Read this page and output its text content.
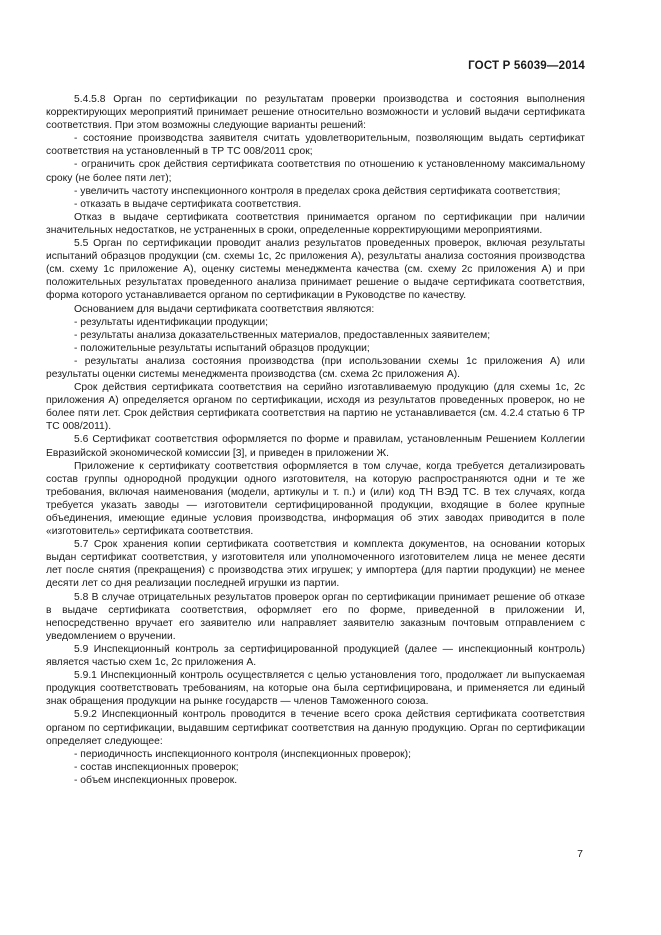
ГОСТ Р 56039—2014

5.4.5.8 Орган по сертификации по результатам проверки производства и состояния выполнения корректирующих мероприятий принимает решение относительно возможности и условий выдачи сертификата соответствия. При этом возможны следующие варианты решений:

- состояние производства заявителя считать удовлетворительным, позволяющим выдать сертификат соответствия на установленный в ТР ТС 008/2011 срок;

- ограничить срок действия сертификата соответствия по отношению к установленному максимальному сроку (не более пяти лет);

- увеличить частоту инспекционного контроля в пределах срока действия сертификата соответствия;

- отказать в выдаче сертификата соответствия.

Отказ в выдаче сертификата соответствия принимается органом по сертификации при наличии значительных недостатков, не устраненных в сроки, определенные корректирующими мероприятиями.

5.5 Орган по сертификации проводит анализ результатов проведенных проверок, включая результаты испытаний образцов продукции (см. схемы 1с, 2с приложения А), результаты анализа состояния производства (см. схему 1с приложение А), оценку системы менеджмента качества (см. схему 2с приложения А) и при положительных результатах проведенного анализа принимает решение о выдаче сертификата соответствия, форма которого устанавливается органом по сертификации в Руководстве по качеству.

Основанием для выдачи сертификата соответствия являются:

- результаты идентификации продукции;

- результаты анализа доказательственных материалов, предоставленных заявителем;

- положительные результаты испытаний образцов продукции;

- результаты анализа состояния производства (при использовании схемы 1с приложения А) или результаты оценки системы менеджмента производства (см. схема 2с приложения А).

Срок действия сертификата соответствия на серийно изготавливаемую продукцию (для схемы 1с, 2с приложения А) определяется органом по сертификации, исходя из результатов проведенных проверок, но не более пяти лет. Срок действия сертификата соответствия на партию не устанавливается (см. 4.2.4 статью 6 ТР ТС 008/2011).

5.6 Сертификат соответствия оформляется по форме и правилам, установленным Решением Коллегии Евразийской экономической комиссии [3], и приведен в приложении Ж.

Приложение к сертификату соответствия оформляется в том случае, когда требуется детализировать состав группы однородной продукции одного изготовителя, на которую распространяются одни и те же требования, включая наименования (модели, артикулы и т. п.) и (или) код ТН ВЭД ТС. В тех случаях, когда требуется указать заводы — изготовители сертифицированной продукции, входящие в более крупные объединения, имеющие единые условия производства, информация об этих заводах приводится в поле «изготовитель» сертификата соответствия.

5.7 Срок хранения копии сертификата соответствия и комплекта документов, на основании которых выдан сертификат соответствия, у изготовителя или уполномоченного изготовителем лица не менее десяти лет после снятия (прекращения) с производства этих игрушек; у импортера (для партии продукции) не менее десяти лет со дня реализации последней игрушки из партии.

5.8 В случае отрицательных результатов проверок орган по сертификации принимает решение об отказе в выдаче сертификата соответствия, оформляет его по форме, приведенной в приложении И, непосредственно вручает его заявителю или направляет заявителю заказным почтовым отправлением с уведомлением о вручении.

5.9 Инспекционный контроль за сертифицированной продукцией (далее — инспекционный контроль) является частью схем 1с, 2с приложения А.

5.9.1 Инспекционный контроль осуществляется с целью установления того, продолжает ли выпускаемая продукция соответствовать требованиям, на которые она была сертифицирована, и применяется ли единый знак обращения продукции на рынке государств — членов Таможенного союза.

5.9.2 Инспекционный контроль проводится в течение всего срока действия сертификата соответствия органом по сертификации, выдавшим сертификат соответствия на данную продукцию. Орган по сертификации определяет следующее:

- периодичность инспекционного контроля (инспекционных проверок);

- состав инспекционных проверок;

- объем инспекционных проверок.

7
